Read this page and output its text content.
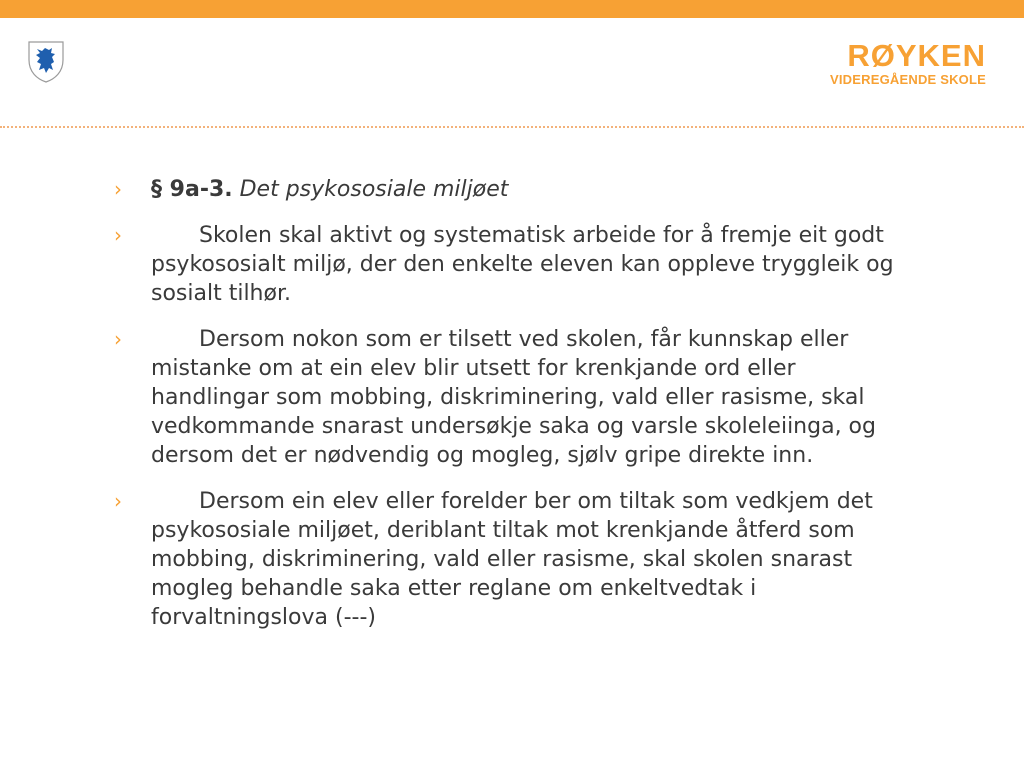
RØYKEN
VIDEREGÅENDE SKOLE
› § 9a-3. Det psykososiale miljøet
›	Skolen skal aktivt og systematisk arbeide for å fremje eit godt psykososialt miljø, der den enkelte eleven kan oppleve tryggleik og sosialt tilhør.
›	Dersom nokon som er tilsett ved skolen, får kunnskap eller mistanke om at ein elev blir utsett for krenkjande ord eller handlingar som mobbing, diskriminering, vald eller rasisme, skal vedkommande snarast undersøkje saka og varsle skoleleiinga, og dersom det er nødvendig og mogleg, sjølv gripe direkte inn.
›	Dersom ein elev eller forelder ber om tiltak som vedkjem det psykososiale miljøet, deriblant tiltak mot krenkjande åtferd som mobbing, diskriminering, vald eller rasisme, skal skolen snarast mogleg behandle saka etter reglane om enkeltvedtak i forvaltningslova (---)
